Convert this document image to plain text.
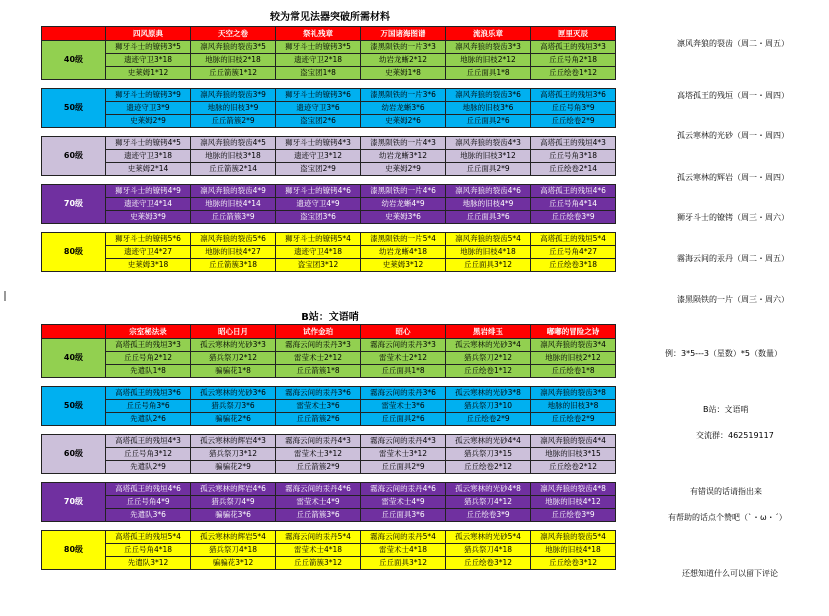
较为常见法器突破所需材料
	四风原典	天空之卷	祭礼残章	万国诸海图谱	流浪乐章	匣里灭辰
40级	狮牙斗士的镣铐3*5	凛风奔狼的裂齿3*5	狮牙斗士的镣铐3*5	漆黑陨铁的一片3*3	凛风奔狼的裂齿3*3	高塔孤王的残垣3*3
	遗迹守卫3*18	地脉的旧枝2*18	遗迹守卫2*18	幼岩龙蜥2*12	地脉的旧枝2*12	丘丘号角2*18
	史莱姆1*12	丘丘箭簇1*12	盗宝团1*8	史莱姆1*8	丘丘面具1*8	丘丘绘卷1*12

50级	狮牙斗士的镣铐3*9	凛风奔狼的裂齿3*9	狮牙斗士的镣铐3*6	漆黑陨铁的一片3*6	凛风奔狼的裂齿3*6	高塔孤王的残垣3*6
	遗迹守卫3*9	地脉的旧枝3*9	遗迹守卫3*6	幼岩龙蜥3*6	地脉的旧枝3*6	丘丘号角3*9
	史莱姆2*9	丘丘箭簇2*9	盗宝团2*6	史莱姆2*6	丘丘面具2*6	丘丘绘卷2*9

60级	狮牙斗士的镣铐4*5	凛风奔狼的裂齿4*5	狮牙斗士的镣铐4*3	漆黑陨铁的一片4*3	凛风奔狼的裂齿4*3	高塔孤王的残垣4*3
	遗迹守卫3*18	地脉的旧枝3*18	遗迹守卫3*12	幼岩龙蜥3*12	地脉的旧枝3*12	丘丘号角3*18
	史莱姆2*14	丘丘箭簇2*14	盗宝团2*9	史莱姆2*9	丘丘面具2*9	丘丘绘卷2*14

70级	狮牙斗士的镣铐4*9	凛风奔狼的裂齿4*9	狮牙斗士的镣铐4*6	漆黑陨铁的一片4*6	凛风奔狼的裂齿4*6	高塔孤王的残垣4*6
	遗迹守卫4*14	地脉的旧枝4*14	遗迹守卫4*9	幼岩龙蜥4*9	地脉的旧枝4*9	丘丘号角4*14
	史莱姆3*9	丘丘箭簇3*9	盗宝团3*6	史莱姆3*6	丘丘面具3*6	丘丘绘卷3*9

80级	狮牙斗士的镣铐5*6	凛风奔狼的裂齿5*6	狮牙斗士的镣铐5*4	漆黑陨铁的一片5*4	凛风奔狼的裂齿5*4	高塔孤王的残垣5*4
	遗迹守卫4*27	地脉的旧枝4*27	遗迹守卫4*18	幼岩龙蜥4*18	地脉的旧枝4*18	丘丘号角4*27
	史莱姆3*18	丘丘箭簇3*18	盗宝团3*12	史莱姆3*12	丘丘面具3*12	丘丘绘卷3*18
B站：文语哨
	宗室秘法录	昭心日月	试作金珀	昭心	黑岩绯玉	嘟嘟的冒险之诗
40级	高塔孤王的残垣3*3	孤云寒林的光砂3*3	霧海云间的汞丹3*3	霧海云间的汞丹3*3	孤云寒林的光砂3*4	凛风奔狼的裂齿3*4
	丘丘号角2*12	猎兵祭刀2*12	雷莹术士2*12	雷莹术士2*12	猎兵祭刀2*12	地脉的旧枝2*12
	先遣队1*8	骗骗花1*8	丘丘箭簇1*8	丘丘面具1*8	丘丘绘卷1*12	丘丘绘卷1*8

50级	高塔孤王的残垣3*6	孤云寒林的光砂3*6	霧海云间的汞丹3*6	霧海云间的汞丹3*6	孤云寒林的光砂3*8	凛风奔狼的裂齿3*8
	丘丘号角3*6	猎兵祭刀3*6	雷莹术士3*6	雷莹术士3*6	猎兵祭刀3*10	地脉的旧枝3*8
	先遣队2*6	骗骗花2*6	丘丘箭簇2*6	丘丘面具2*6	丘丘绘卷2*9	丘丘绘卷2*9

60级	高塔孤王的残垣4*3	孤云寒林的辉岩4*3	霧海云间的汞丹4*3	霧海云间的汞丹4*3	孤云寒林的光砂4*4	凛风奔狼的裂齿4*4
	丘丘号角3*12	猎兵祭刀3*12	雷莹术士3*12	雷莹术士3*12	猎兵祭刀3*15	地脉的旧枝3*15
	先遣队2*9	骗骗花2*9	丘丘箭簇2*9	丘丘面具2*9	丘丘绘卷2*12	丘丘绘卷2*12

70级	高塔孤王的残垣4*6	孤云寒林的辉岩4*6	霧海云间的汞丹4*6	霧海云间的汞丹4*6	孤云寒林的光砂4*8	凛风奔狼的裂齿4*8
	丘丘号角4*9	猎兵祭刀4*9	雷莹术士4*9	雷莹术士4*9	猎兵祭刀4*12	地脉的旧枝4*12
	先遣队3*6	骗骗花3*6	丘丘箭簇3*6	丘丘面具3*6	丘丘绘卷3*9	丘丘绘卷3*9

80级	高塔孤王的残垣5*4	孤云寒林的辉岩5*4	霧海云间的汞丹5*4	霧海云间的汞丹5*4	孤云寒林的光砂5*4	凛风奔狼的裂齿5*4
	丘丘号角4*18	猎兵祭刀4*18	雷莹术士4*18	雷莹术士4*18	猎兵祭刀4*18	地脉的旧枝4*18
	先遣队3*12	骗骗花3*12	丘丘箭簇3*12	丘丘面具3*12	丘丘绘卷3*12	丘丘绘卷3*12
凛风奔狼的裂齿（周二・周五）
高塔孤王的残垣（周一・周四）
孤云寒林的光砂（周一・周四）
孤云寒林的辉岩（周一・周四）
狮牙斗士的镣铐（周三・周六）
霧海云间的汞丹（周二・周五）
漆黑陨铁的一片（周三・周六）
例：3*5---3（星数）*5（数量）
B站：文语哨
交流群：462519117
有错误的话请指出来
有帮助的话点个赞吧（`・ω・´）
还想知道什么可以留下评论
